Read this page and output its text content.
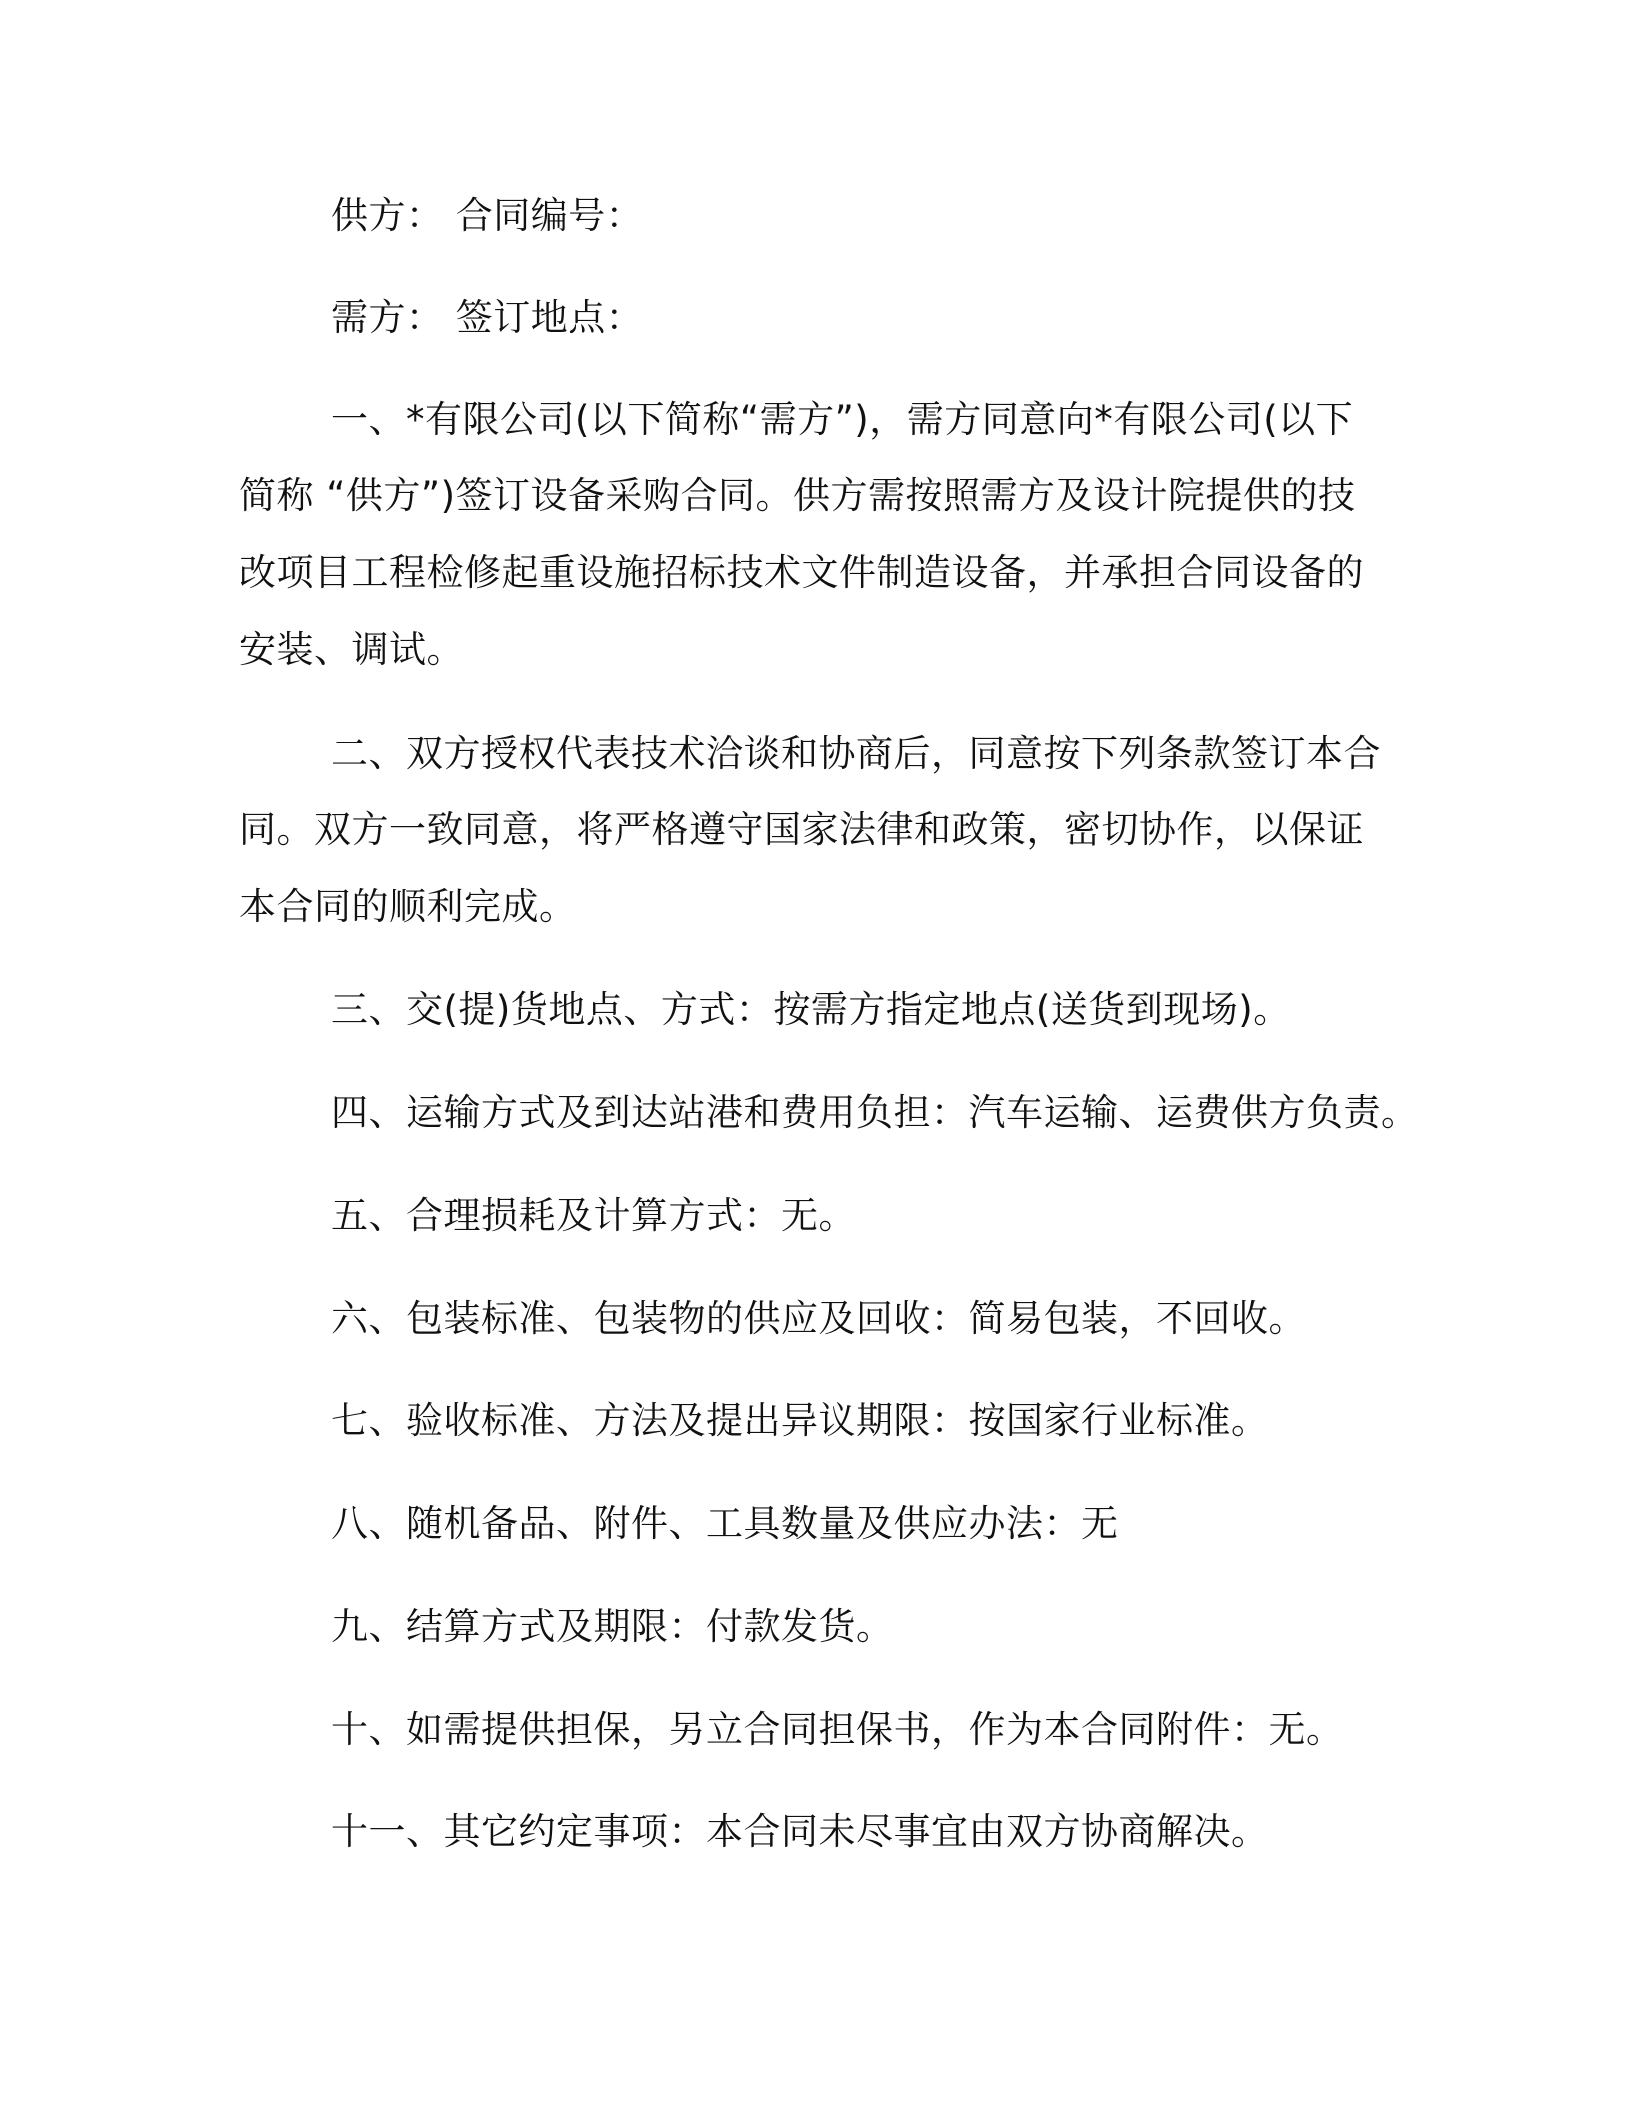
供方： 合同编号：

需方： 签订地点：

一、*有限公司(以下简称“需方”)，需方同意向*有限公司(以下

简称 “供方”)签订设备采购合同。供方需按照需方及设计院提供的技

改项目工程检修起重设施招标技术文件制造设备，并承担合同设备的

安装、调试。

二、双方授权代表技术洽谈和协商后，同意按下列条款签订本合

同。双方一致同意，将严格遵守国家法律和政策，密切协作，以保证

本合同的顺利完成。

三、交(提)货地点、方式：按需方指定地点(送货到现场)。

四、运输方式及到达站港和费用负担：汽车运输、运费供方负责。

五、合理损耗及计算方式：无。

六、包装标准、包装物的供应及回收：简易包装，不回收。

七、验收标准、方法及提出异议期限：按国家行业标准。

八、随机备品、附件、工具数量及供应办法：无

九、结算方式及期限：付款发货。

十、如需提供担保，另立合同担保书，作为本合同附件：无。

十一、其它约定事项：本合同未尽事宜由双方协商解决。
